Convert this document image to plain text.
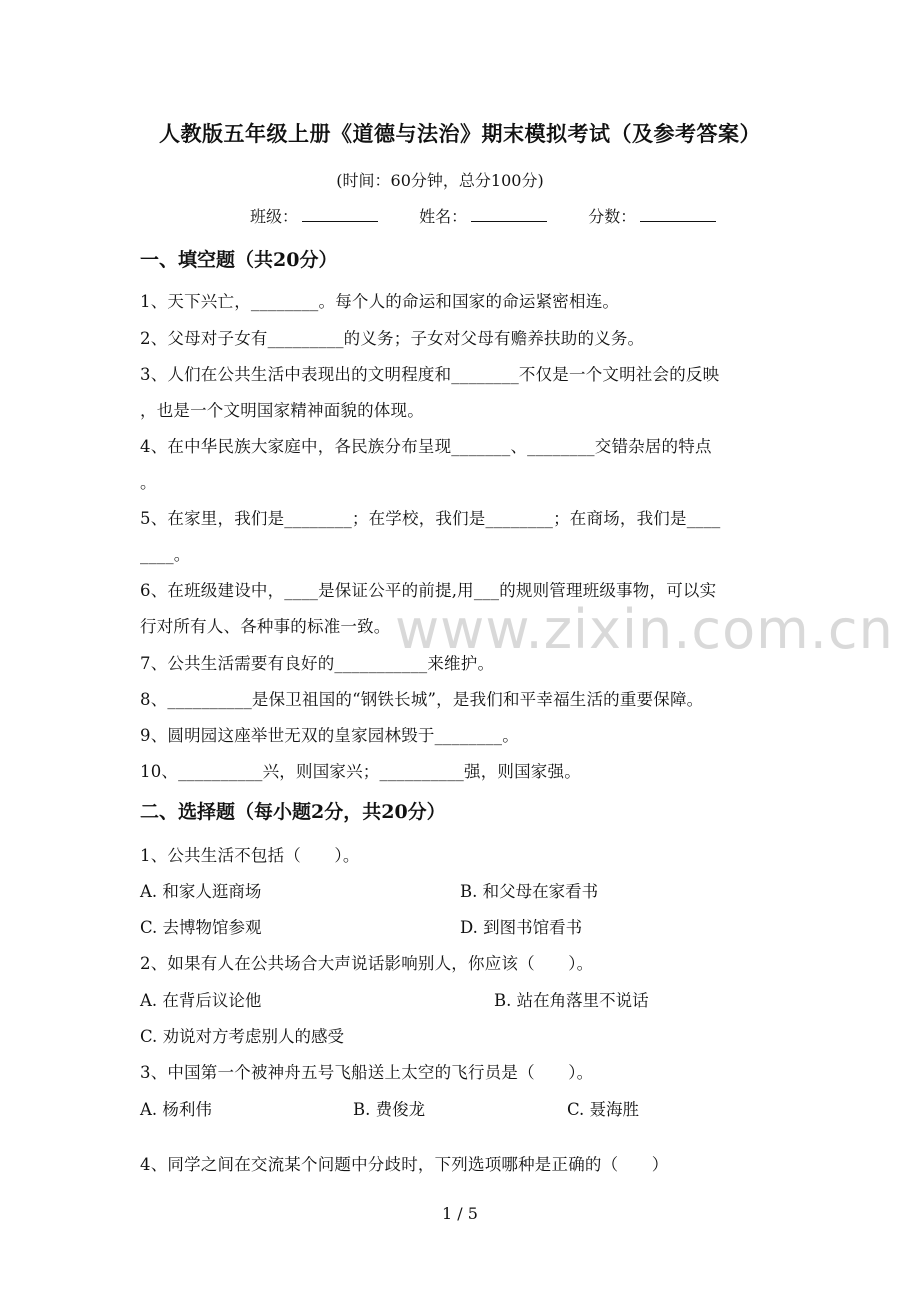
人教版五年级上册《道德与法治》期末模拟考试（及参考答案）
(时间：60分钟，总分100分)
班级：	姓名：	分数：
一、填空题（共20分）
1、天下兴亡，________。每个人的命运和国家的命运紧密相连。
2、父母对子女有_________的义务；子女对父母有赡养扶助的义务。
3、人们在公共生活中表现出的文明程度和________不仅是一个文明社会的反映
，也是一个文明国家精神面貌的体现。
4、在中华民族大家庭中，各民族分布呈现_______、________交错杂居的特点
。
5、在家里，我们是________；在学校，我们是________；在商场，我们是____
____。
6、在班级建设中，____是保证公平的前提,用___的规则管理班级事物，可以实
行对所有人、各种事的标准一致。
7、公共生活需要有良好的___________来维护。
8、__________是保卫祖国的“钢铁长城”，是我们和平幸福生活的重要保障。
9、圆明园这座举世无双的皇家园林毁于________。
10、__________兴，则国家兴；__________强，则国家强。
二、选择题（每小题2分，共20分）
1、公共生活不包括（　　）。
A. 和家人逛商场	B. 和父母在家看书
C. 去博物馆参观	D. 到图书馆看书
2、如果有人在公共场合大声说话影响别人，你应该（　　）。
A. 在背后议论他	B. 站在角落里不说话
C. 劝说对方考虑别人的感受
3、中国第一个被神舟五号飞船送上太空的飞行员是（　　）。
A. 杨利伟	B. 费俊龙	C. 聂海胜
4、同学之间在交流某个问题中分歧时，下列选项哪种是正确的（　　）
www.zixin.com.cn
1 / 5
